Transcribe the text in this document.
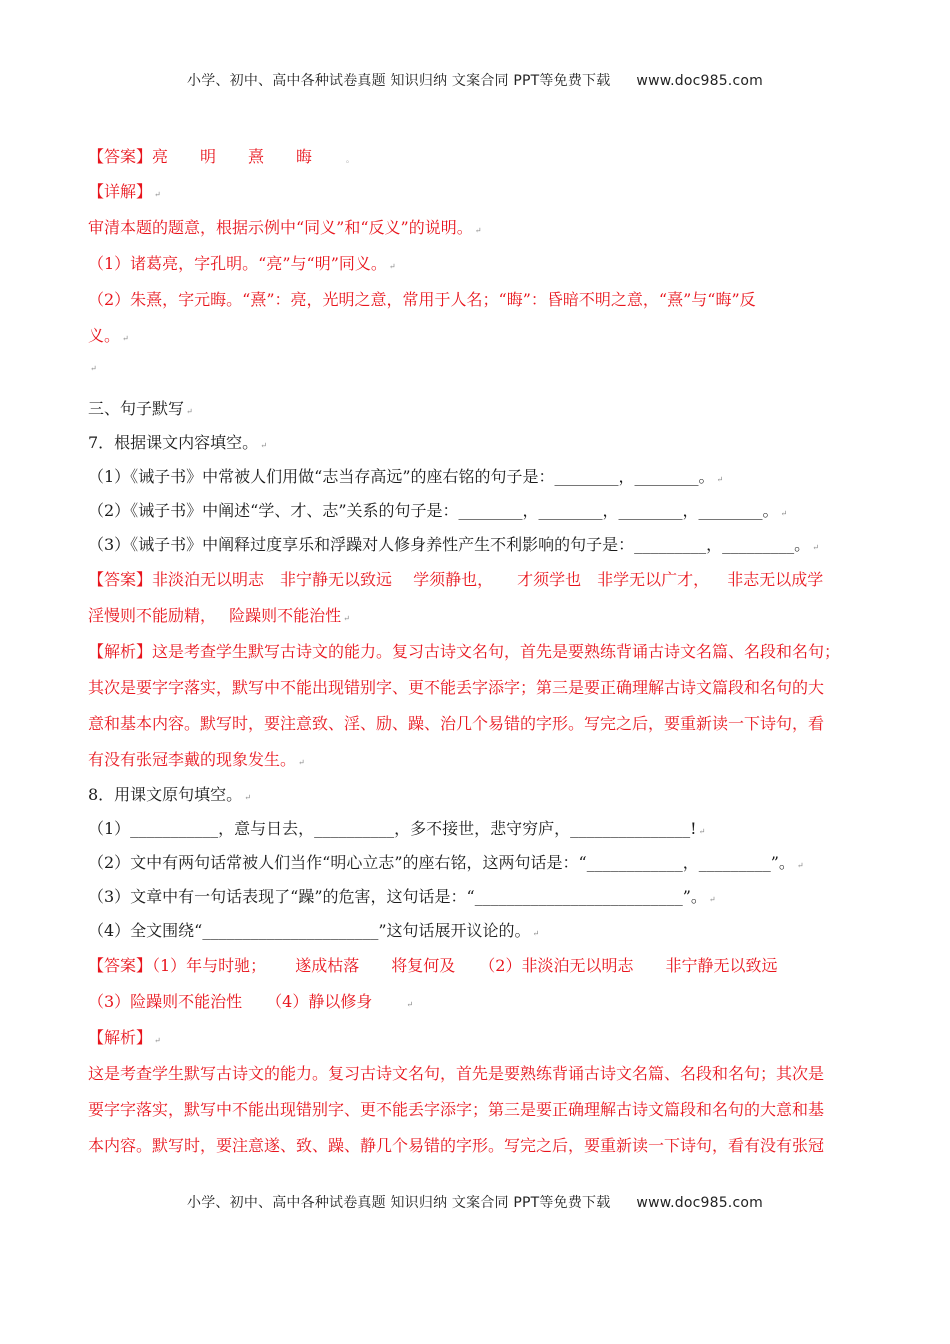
小学、初中、高中各种试卷真题 知识归纳 文案合同 PPT等免费下载 www.doc985.com
【答案】亮　　明　　熹　　晦　　。
【详解】 ↵
审清本题的题意，根据示例中“同义”和“反义”的说明。 ↵
（1）诸葛亮，字孔明。“亮”与“明”同义。 ↵
（2）朱熹，字元晦。“熹”：亮，光明之意，常用于人名；“晦”：昏暗不明之意，“熹”与“晦”反
义。 ↵
↵
三、句子默写 ↵
7．根据课文内容填空。 ↵
（1）《诫子书》中常被人们用做“志当存高远”的座右铭的句子是：________，________。 ↵
（2）《诫子书》中阐述“学、才、志”关系的句子是：________，________，________，________。 ↵
（3）《诫子书》中阐释过度享乐和浮躁对人修身养性产生不利影响的句子是：_________，_________。 ↵
【答案】非淡泊无以明志　非宁静无以致远　 学须静也，　　才须学也　非学无以广才，　  非志无以成学
淫慢则不能励精，　 险躁则不能治性 ↵
【解析】这是考查学生默写古诗文的能力。复习古诗文名句，首先是要熟练背诵古诗文名篇、名段和名句；
其次是要字字落实，默写中不能出现错别字、更不能丢字添字；第三是要正确理解古诗文篇段和名句的大
意和基本内容。默写时，要注意致、淫、励、躁、治几个易错的字形。写完之后，要重新读一下诗句，看
有没有张冠李戴的现象发生。 ↵
8．用课文原句填空。 ↵
（1）___________，意与日去，__________，多不接世，悲守穷庐，_______________! ↵
（2）文中有两句话常被人们当作“明心立志”的座右铭，这两句话是：“____________，_________”。 ↵
（3）文章中有一句话表现了“躁”的危害，这句话是：“__________________________”。 ↵
（4）全文围绕“______________________”这句话展开议论的。 ↵
【答案】（1）年与时驰；　　 遂成枯落　　将复何及　　（2）非淡泊无以明志　　非宁静无以致远
（3）险躁则不能治性　　（4）静以修身　　↵
【解析】 ↵
这是考查学生默写古诗文的能力。复习古诗文名句，首先是要熟练背诵古诗文名篇、名段和名句；其次是
要字字落实，默写中不能出现错别字、更不能丢字添字；第三是要正确理解古诗文篇段和名句的大意和基
本内容。默写时，要注意遂、致、躁、静几个易错的字形。写完之后，要重新读一下诗句，看有没有张冠
小学、初中、高中各种试卷真题 知识归纳 文案合同 PPT等免费下载 www.doc985.com
